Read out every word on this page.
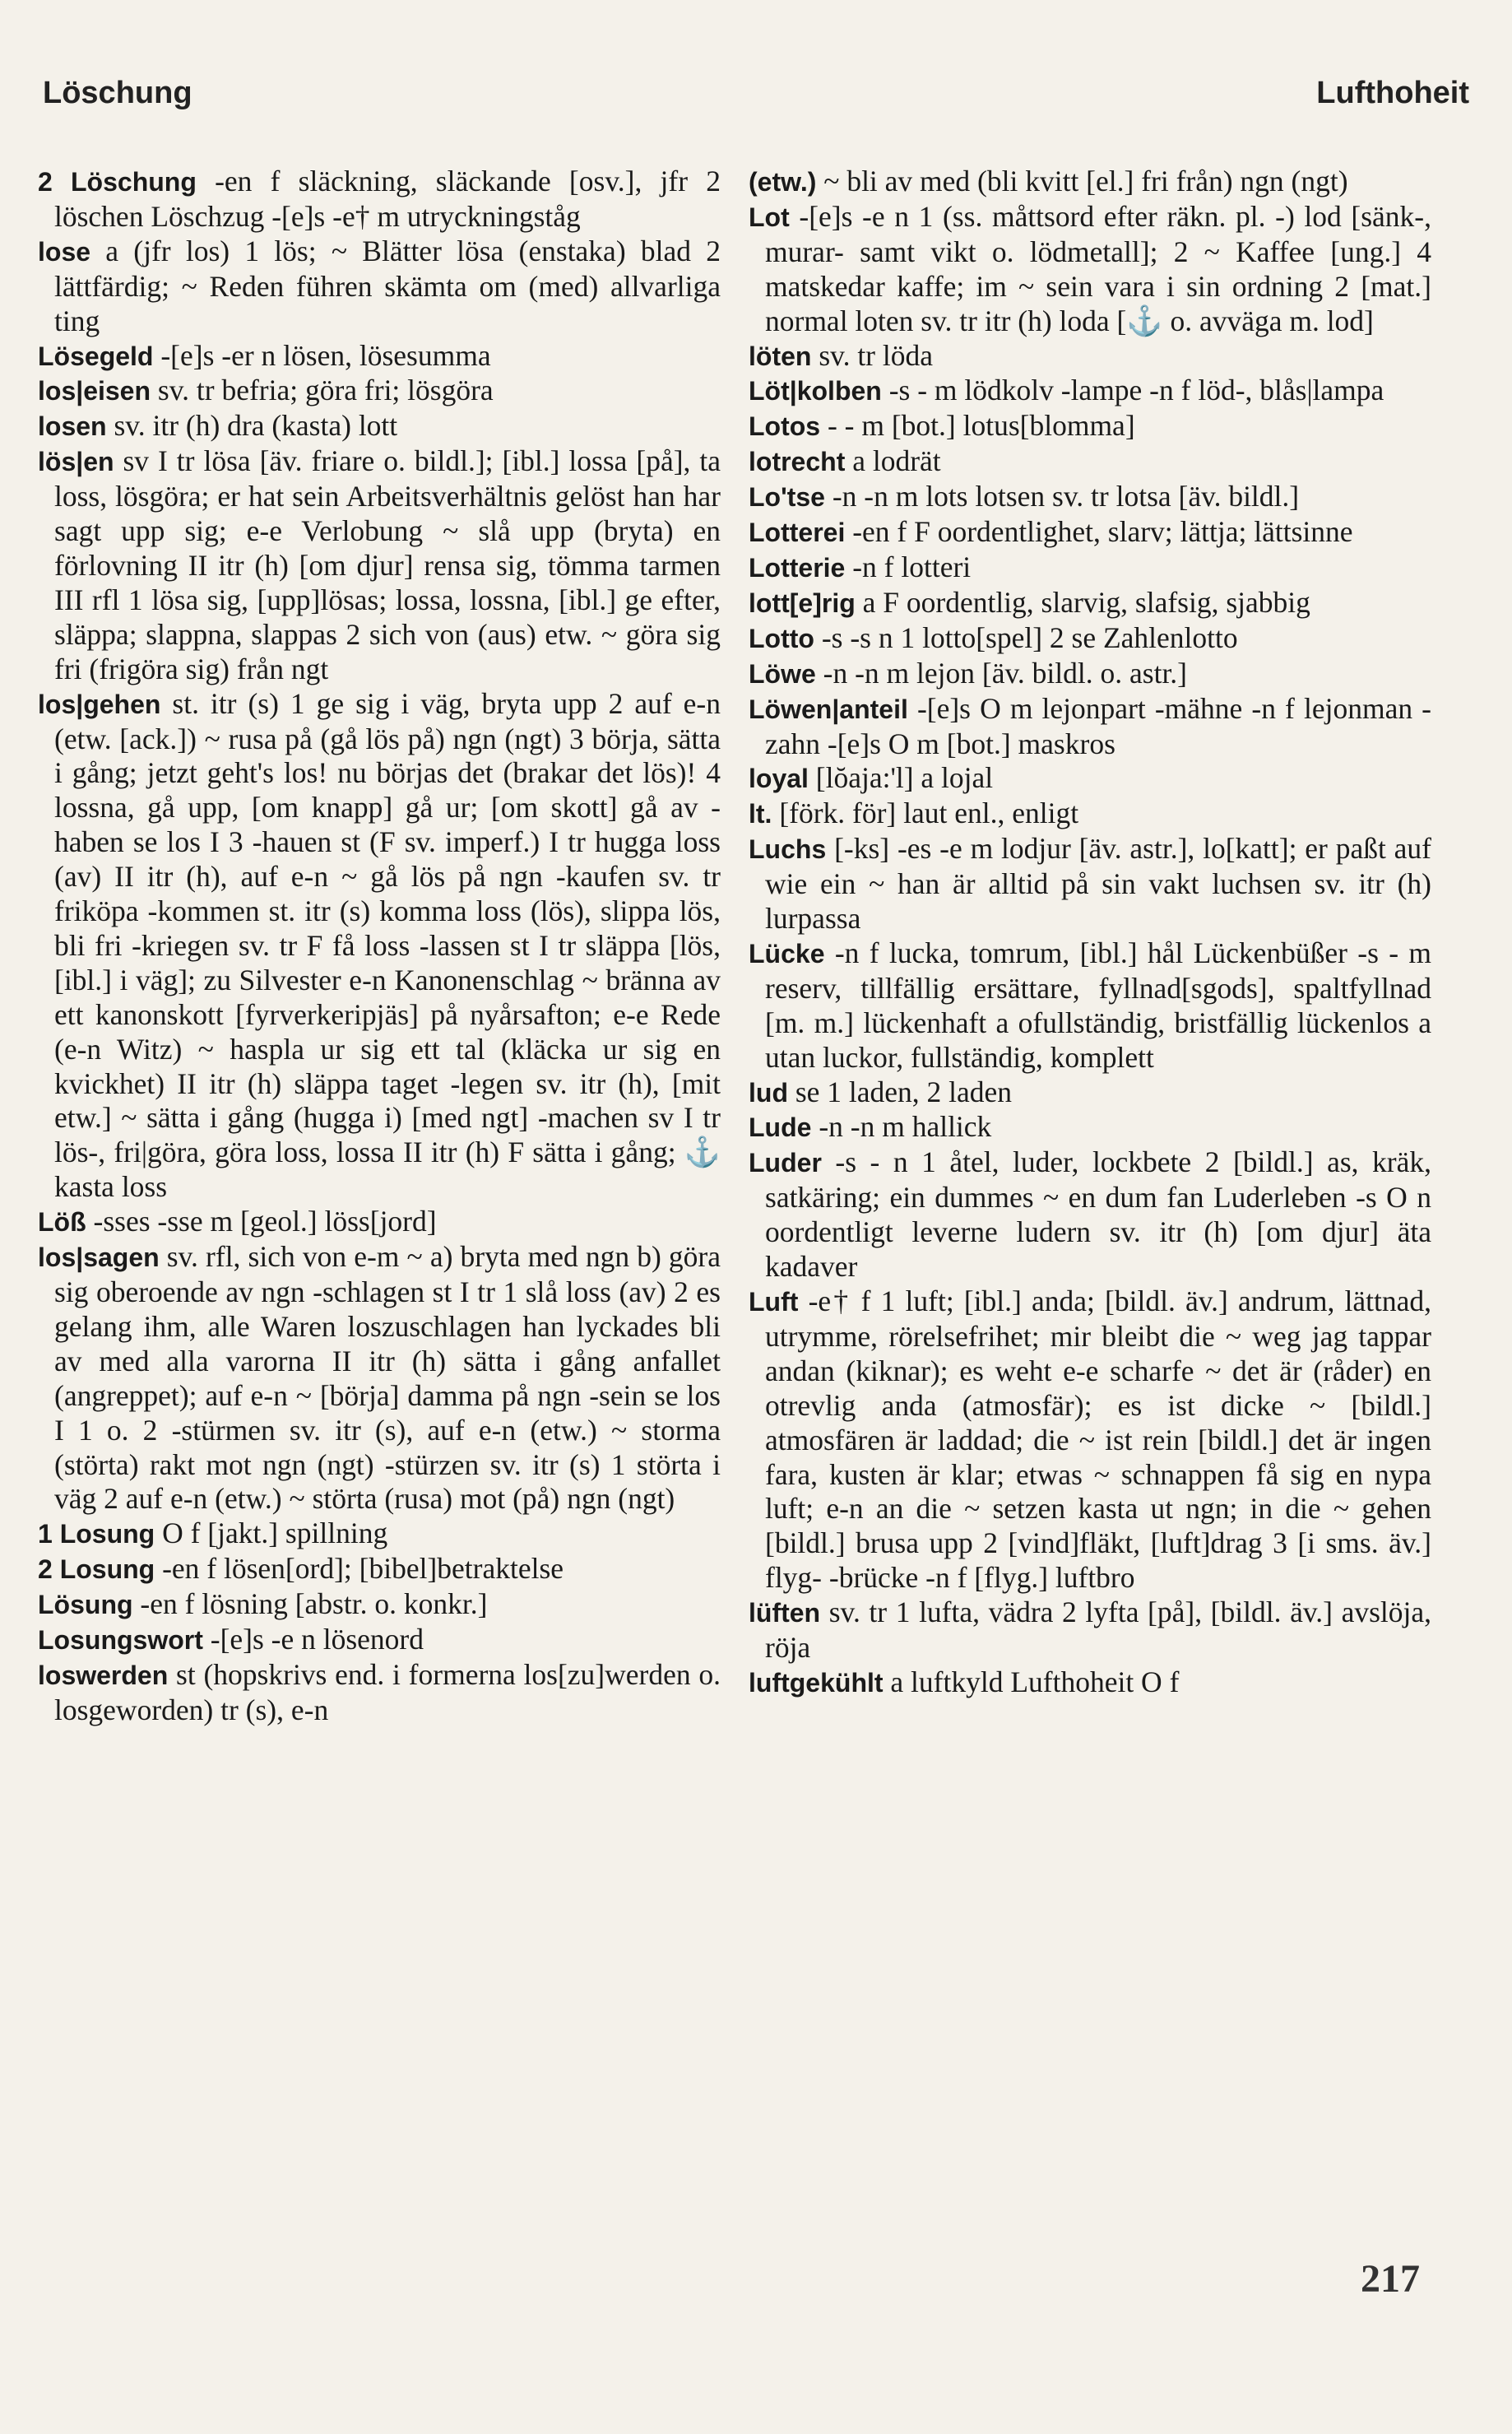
Löschung	Lufthoheit

2 Löschung -en f släckning, släckande [osv.], jfr 2 löschen Löschzug -[e]s -e† m utryckningståg

lose a (jfr los) 1 lös; ~ Blätter lösa (enstaka) blad 2 lättfärdig; ~ Reden führen skämta om (med) allvarliga ting

Lösegeld -[e]s -er n lösen, lösesumma

los|eisen sv. tr befria; göra fri; lösgöra

losen sv. itr (h) dra (kasta) lott

lös|en sv I tr lösa [äv. friare o. bildl.]; [ibl.] lossa [på], ta loss, lösgöra; er hat sein Arbeitsverhältnis gelöst han har sagt upp sig; e-e Verlobung ~ slå upp (bryta) en förlovning II itr (h) [om djur] rensa sig, tömma tarmen III rfl 1 lösa sig, [upp]lösas; lossa, lossna, [ibl.] ge efter, släppa; slappna, slappas 2 sich von (aus) etw. ~ göra sig fri (frigöra sig) från ngt

los|gehen st. itr (s) 1 ge sig i väg, bryta upp 2 auf e-n (etw. [ack.]) ~ rusa på (gå lös på) ngn (ngt) 3 börja, sätta i gång; jetzt geht's los! nu börjas det (brakar det lös)! 4 lossna, gå upp, [om knapp] gå ur; [om skott] gå av -haben se los I 3 -hauen st (F sv. imperf.) I tr hugga loss (av) II itr (h), auf e-n ~ gå lös på ngn -kaufen sv. tr friköpa -kommen st. itr (s) komma loss (lös), slippa lös, bli fri -kriegen sv. tr F få loss -lassen st I tr släppa [lös, [ibl.] i väg]; zu Silvester e-n Kanonenschlag ~ bränna av ett kanonskott [fyrverkeripjäs] på nyårsafton; e-e Rede (e-n Witz) ~ haspla ur sig ett tal (kläcka ur sig en kvickhet) II itr (h) släppa taget -legen sv. itr (h), [mit etw.] ~ sätta i gång (hugga i) [med ngt] -machen sv I tr lös-, fri|göra, göra loss, lossa II itr (h) F sätta i gång; ⚓ kasta loss

Löß -sses -sse m [geol.] löss[jord]

los|sagen sv. rfl, sich von e-m ~ a) bryta med ngn b) göra sig oberoende av ngn -schlagen st I tr 1 slå loss (av) 2 es gelang ihm, alle Waren loszuschlagen han lyckades bli av med alla varorna II itr (h) sätta i gång anfallet (angreppet); auf e-n ~ [börja] damma på ngn -sein se los I 1 o. 2 -stürmen sv. itr (s), auf e-n (etw.) ~ storma (störta) rakt mot ngn (ngt) -stürzen sv. itr (s) 1 störta i väg 2 auf e-n (etw.) ~ störta (rusa) mot (på) ngn (ngt)

1 Losung O f [jakt.] spillning

2 Losung -en f lösen[ord]; [bibel]betraktelse

Lösung -en f lösning [abstr. o. konkr.]

Losungswort -[e]s -e n lösenord

loswerden st (hopskrivs end. i formerna los[zu]werden o. losgeworden) tr (s), e-n

(etw.) ~ bli av med (bli kvitt [el.] fri från) ngn (ngt)

Lot -[e]s -e n 1 (ss. måttsord efter räkn. pl. -) lod [sänk-, murar- samt vikt o. lödmetall]; 2 ~ Kaffee [ung.] 4 matskedar kaffe; im ~ sein vara i sin ordning 2 [mat.] normal loten sv. tr itr (h) loda [⚓ o. avväga m. lod]

löten sv. tr löda

Löt|kolben -s - m lödkolv -lampe -n f löd-, blås|lampa

Lotos - - m [bot.] lotus[blomma]

lotrecht a lodrät

Lo'tse -n -n m lots lotsen sv. tr lotsa [äv. bildl.]

Lotterei -en f F oordentlighet, slarv; lättja; lättsinne

Lotterie -n f lotteri

lott[e]rig a F oordentlig, slarvig, slafsig, sjabbig

Lotto -s -s n 1 lotto[spel] 2 se Zahlenlotto

Löwe -n -n m lejon [äv. bildl. o. astr.]

Löwen|anteil -[e]s O m lejonpart -mähne -n f lejonman -zahn -[e]s O m [bot.] maskros

loyal [lŏaja:'l] a lojal

lt. [förk. för] laut enl., enligt

Luchs [-ks] -es -e m lodjur [äv. astr.], lo[katt]; er paßt auf wie ein ~ han är alltid på sin vakt luchsen sv. itr (h) lurpassa

Lücke -n f lucka, tomrum, [ibl.] hål Lückenbüßer -s - m reserv, tillfällig ersättare, fyllnad[sgods], spaltfyllnad [m. m.] lückenhaft a ofullständig, bristfällig lückenlos a utan luckor, fullständig, komplett

lud se 1 laden, 2 laden

Lude -n -n m hallick

Luder -s - n 1 åtel, luder, lockbete 2 [bildl.] as, kräk, satkäring; ein dummes ~ en dum fan Luderleben -s O n oordentligt leverne ludern sv. itr (h) [om djur] äta kadaver

Luft -e† f 1 luft; [ibl.] anda; [bildl. äv.] andrum, lättnad, utrymme, rörelsefrihet; mir bleibt die ~ weg jag tappar andan (kiknar); es weht e-e scharfe ~ det är (råder) en otrevlig anda (atmosfär); es ist dicke ~ [bildl.] atmosfären är laddad; die ~ ist rein [bildl.] det är ingen fara, kusten är klar; etwas ~ schnappen få sig en nypa luft; e-n an die ~ setzen kasta ut ngn; in die ~ gehen [bildl.] brusa upp 2 [vind]fläkt, [luft]drag 3 [i sms. äv.] flyg- -brücke -n f [flyg.] luftbro

lüften sv. tr 1 lufta, vädra 2 lyfta [på], [bildl. äv.] avslöja, röja

luftgekühlt a luftkyld Lufthoheit O f

217
